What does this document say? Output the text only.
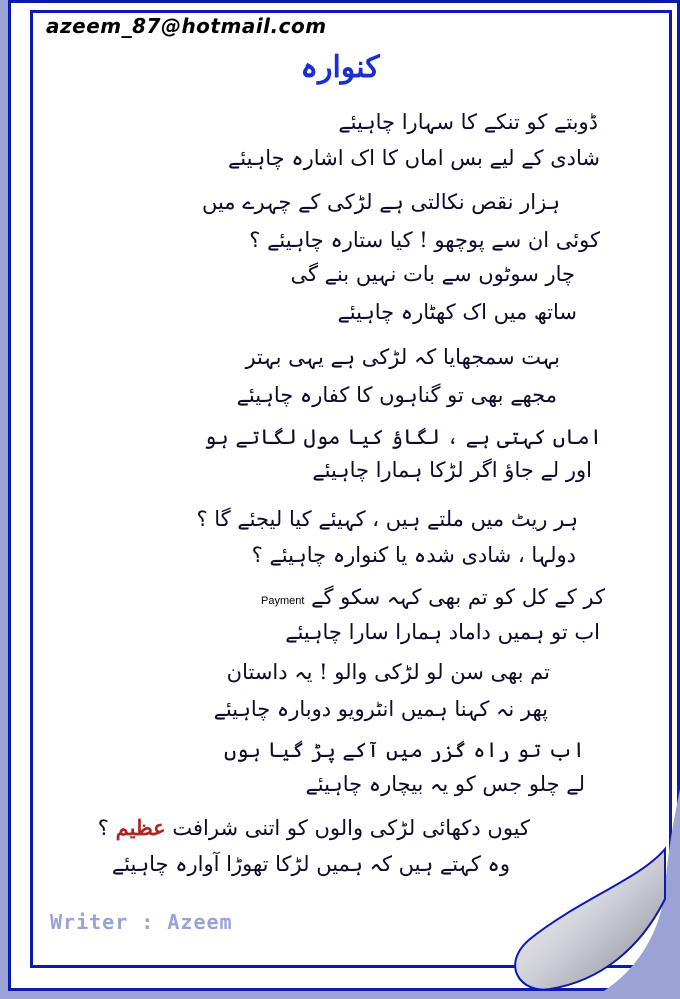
azeem_87@hotmail.com
کنوارہ
ڈوبتے کو تنکے کا سہارا چاہیئے
شادی کے لیے بس اماں کا اک اشارہ چاہیئے
ہزار نقص نکالتی ہے لڑکی کے چہرے میں
کوئی ان سے پوچھو ! کیا ستارہ چاہیئے ؟
چار سوٹوں سے بات نہیں بنے گی
ساتھ میں اک کھٹارہ چاہیئے
بہت سمجھایا کہ لڑکی ہے یہی بہتر
مجھے بھی تو گناہوں کا کفارہ چاہیئے
اماں کہتی ہے ، لگاؤ کیا مول لگاتے ہو
اور لے جاؤ اگر لڑکا ہمارا چاہیئے
ہر ریٹ میں ملتے ہیں ، کہیئے کیا لیجئے گا ؟
دولہا ، شادی شدہ یا کنوارہ چاہیئے ؟
Payment کر کے کل کو تم بھی کہہ سکو گے
اب تو ہمیں داماد ہمارا سارا چاہیئے
تم بھی سن لو لڑکی والو ! یہ داستان
پھر نہ کہنا ہمیں انٹرویو دوبارہ چاہیئے
اب تو راہ گزر میں آکے پڑ گیا ہوں
لے چلو جس کو یہ بیچارہ چاہیئے
کیوں دکھائی لڑکی والوں کو اتنی شرافت عظیم ؟
وہ کہتے ہیں کہ ہمیں لڑکا تھوڑا آوارہ چاہیئے
Writer : Azeem
